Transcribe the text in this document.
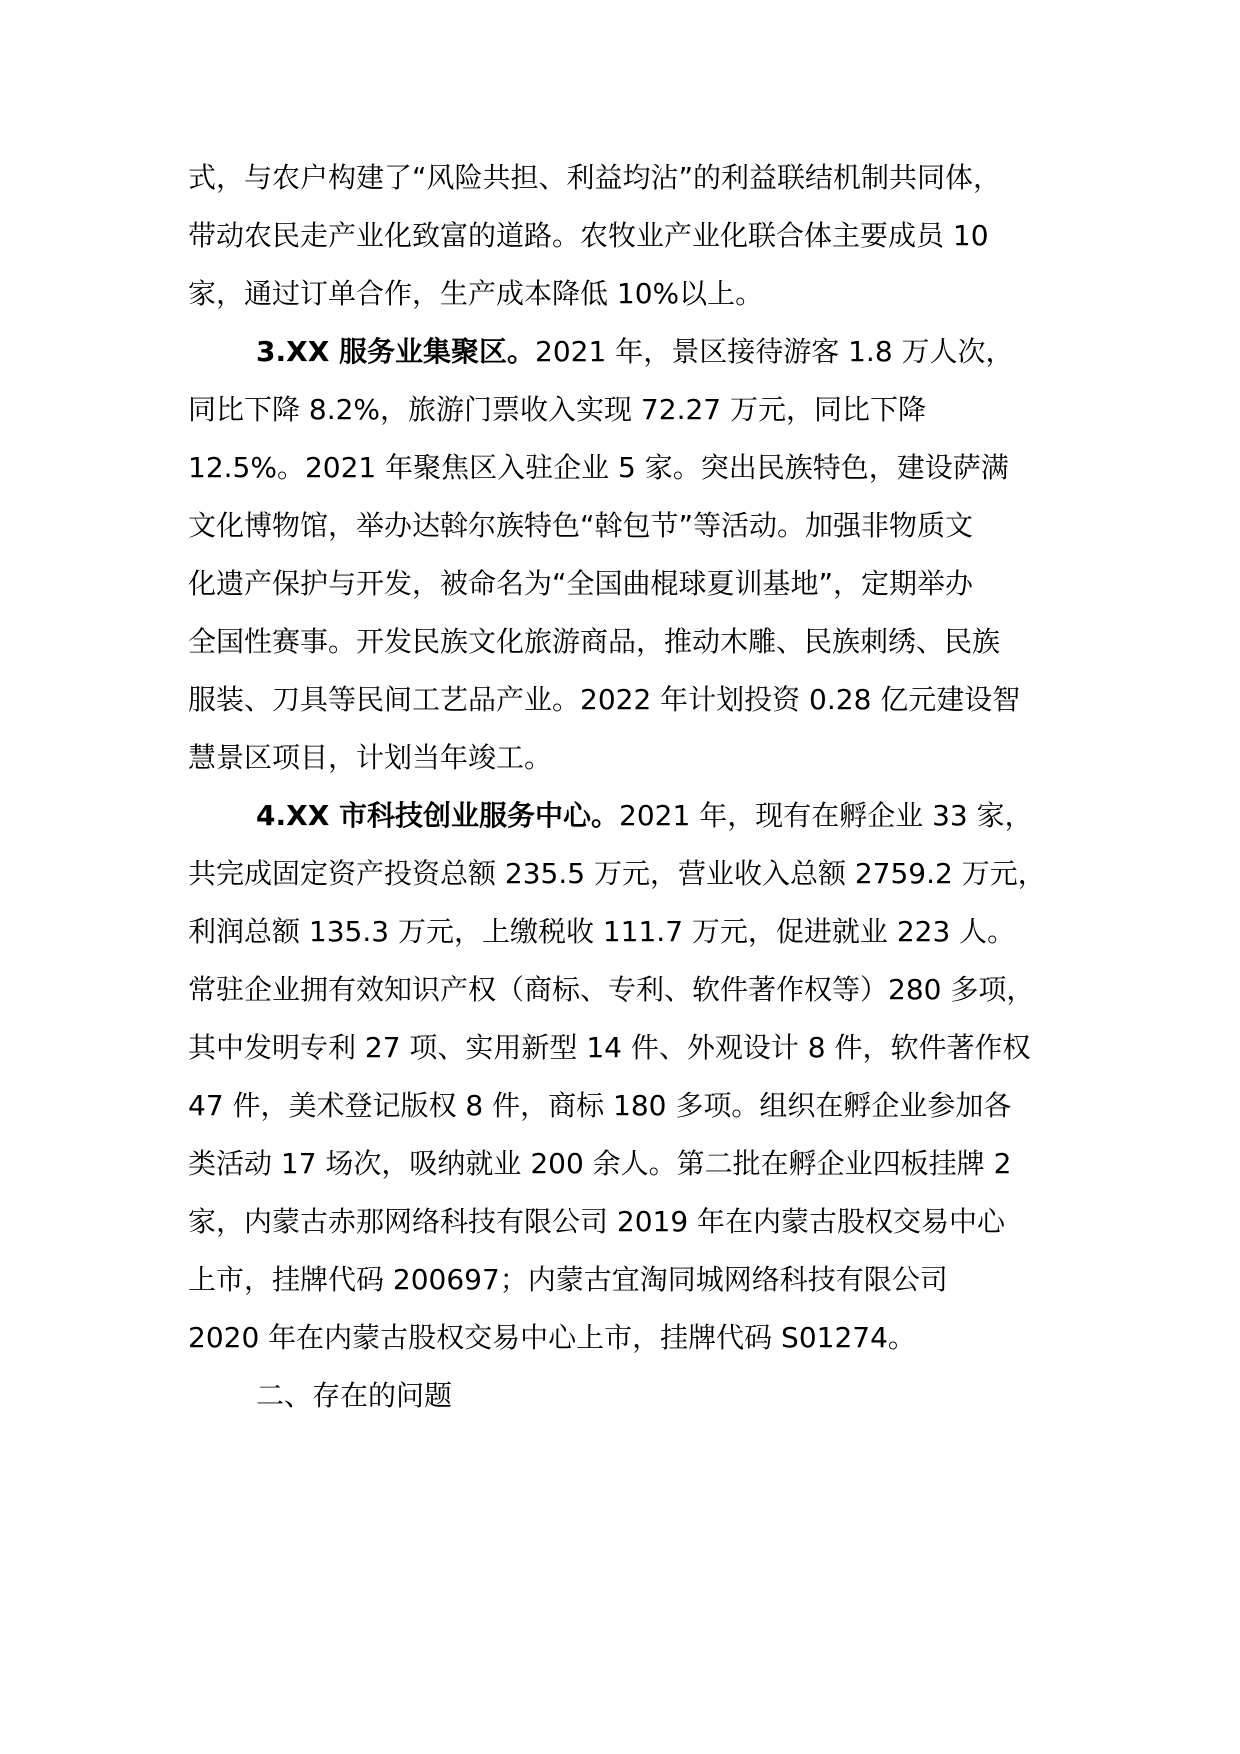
式，与农户构建了“风险共担、利益均沾”的利益联结机制共同体，
带动农民走产业化致富的道路。农牧业产业化联合体主要成员 10
家，通过订单合作，生产成本降低 10%以上。
3.XX 服务业集聚区。2021 年，景区接待游客 1.8 万人次，
同比下降 8.2%，旅游门票收入实现 72.27 万元，同比下降
12.5%。2021 年聚焦区入驻企业 5 家。突出民族特色，建设萨满
文化博物馆，举办达斡尔族特色“斡包节”等活动。加强非物质文
化遗产保护与开发，被命名为“全国曲棍球夏训基地”，定期举办
全国性赛事。开发民族文化旅游商品，推动木雕、民族刺绣、民族
服装、刀具等民间工艺品产业。2022 年计划投资 0.28 亿元建设智
慧景区项目，计划当年竣工。
4.XX 市科技创业服务中心。2021 年，现有在孵企业 33 家，
共完成固定资产投资总额 235.5 万元，营业收入总额 2759.2 万元，
利润总额 135.3 万元，上缴税收 111.7 万元，促进就业 223 人。
常驻企业拥有效知识产权（商标、专利、软件著作权等）280 多项，
其中发明专利 27 项、实用新型 14 件、外观设计 8 件，软件著作权
47 件，美术登记版权 8 件，商标 180 多项。组织在孵企业参加各
类活动 17 场次，吸纳就业 200 余人。第二批在孵企业四板挂牌 2
家，内蒙古赤那网络科技有限公司 2019 年在内蒙古股权交易中心
上市，挂牌代码 200697；内蒙古宜淘同城网络科技有限公司
2020 年在内蒙古股权交易中心上市，挂牌代码 S01274。
二、存在的问题
